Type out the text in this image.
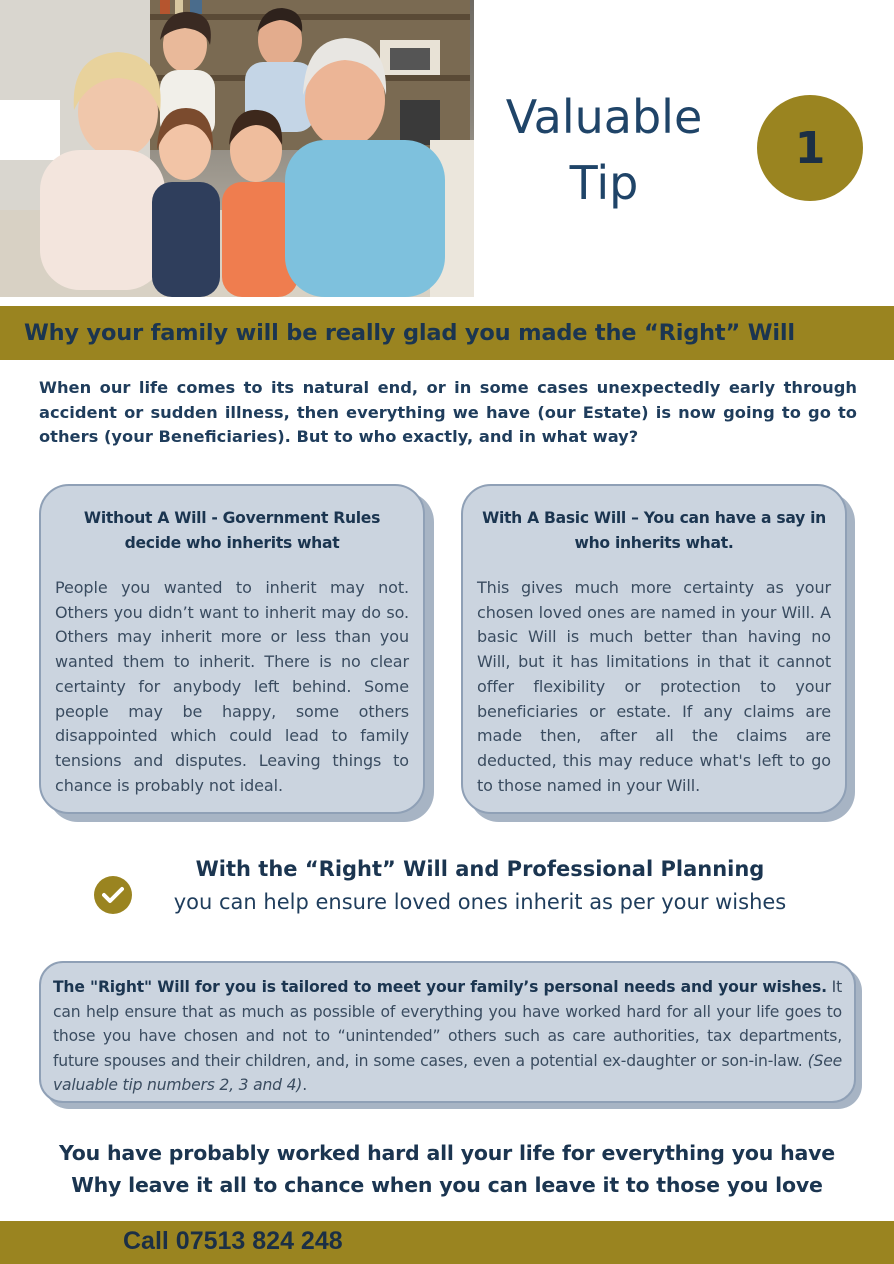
Valuable
Tip
1
Why your family will be really glad you made the “Right” Will

When our life comes to its natural end, or in some cases unexpectedly early through accident or sudden illness, then everything we have (our Estate) is now going to go to others (your Beneficiaries). But to who exactly, and in what way?

Without A Will - Government Rules decide who inherits what

People you wanted to inherit may not. Others you didn’t want to inherit may do so. Others may inherit more or less than you wanted them to inherit. There is no clear certainty for anybody left behind. Some people may be happy, some others disappointed which could lead to family tensions and disputes. Leaving things to chance is probably not ideal.

With A Basic Will – You can have a say in who inherits what.

This gives much more certainty as your chosen loved ones are named in your Will. A basic Will is much better than having no Will, but it has limitations in that it cannot offer flexibility or protection to your beneficiaries or estate. If any claims are made then, after all the claims are deducted, this may reduce what's left to go to those named in your Will.

With the “Right” Will and Professional Planning
you can help ensure loved ones inherit as per your wishes

The "Right" Will for you is tailored to meet your family’s personal needs and your wishes. It can help ensure that as much as possible of everything you have worked hard for all your life goes to those you have chosen and not to “unintended” others such as care authorities, tax departments, future spouses and their children, and, in some cases, even a potential ex-daughter or son-in-law. (See valuable tip numbers 2, 3 and 4).

You have probably worked hard all your life for everything you have
Why leave it all to chance when you can leave it to those you love
Call 07513 824 248
